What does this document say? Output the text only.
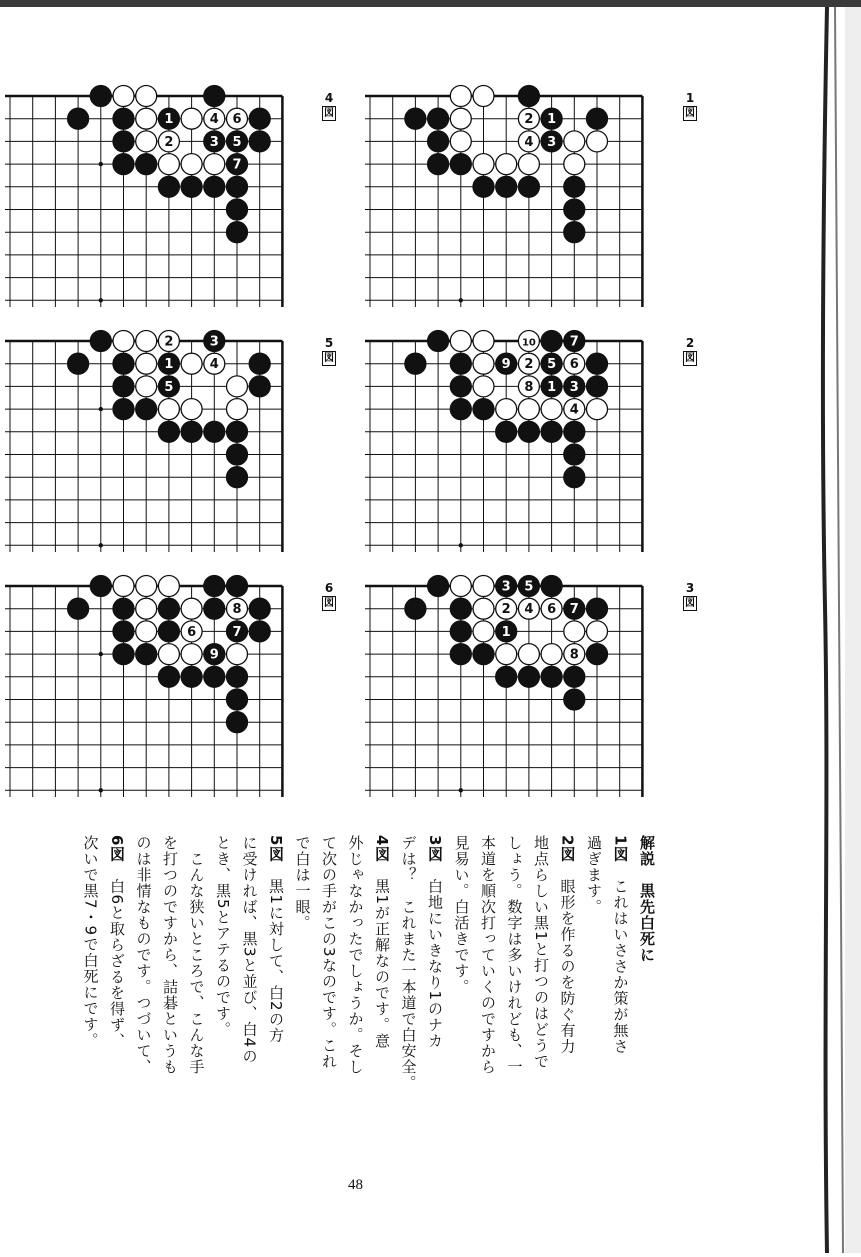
1
2
3
4
7
10
9 2 5 6
8 1 3
4
3 5
2 4 6 7
1
8
1	4 6
2	3 5
7
2	3
1	4
5
8
6	7
9
1
図
2
図
3
図
4
図
5
図
6
図
解説　黒先白死に
1図　これはいささか策が無さ
過ぎます。
2図　眼形を作るのを防ぐ有力
地点らしい黒1と打つのはどうで
しょう。数字は多いけれども、一
本道を順次打っていくのですから
見易い。白活きです。
3図　白地にいきなり1のナカ
デは？　これまた一本道で白安全。
4図　黒1が正解なのです。意
外じゃなかったでしょうか。そし
て次の手がこの3なのです。これ
で白は一眼。
5図　黒1に対して、白2の方
に受ければ、黒3と並び、白4の
とき、黒5とアテるのです。
　こんな狭いところで、こんな手
を打つのですから、詰碁というも
のは非情なものです。つづいて、
6図　白6と取らざるを得ず、
次いで黒7・9で白死にです。
48
